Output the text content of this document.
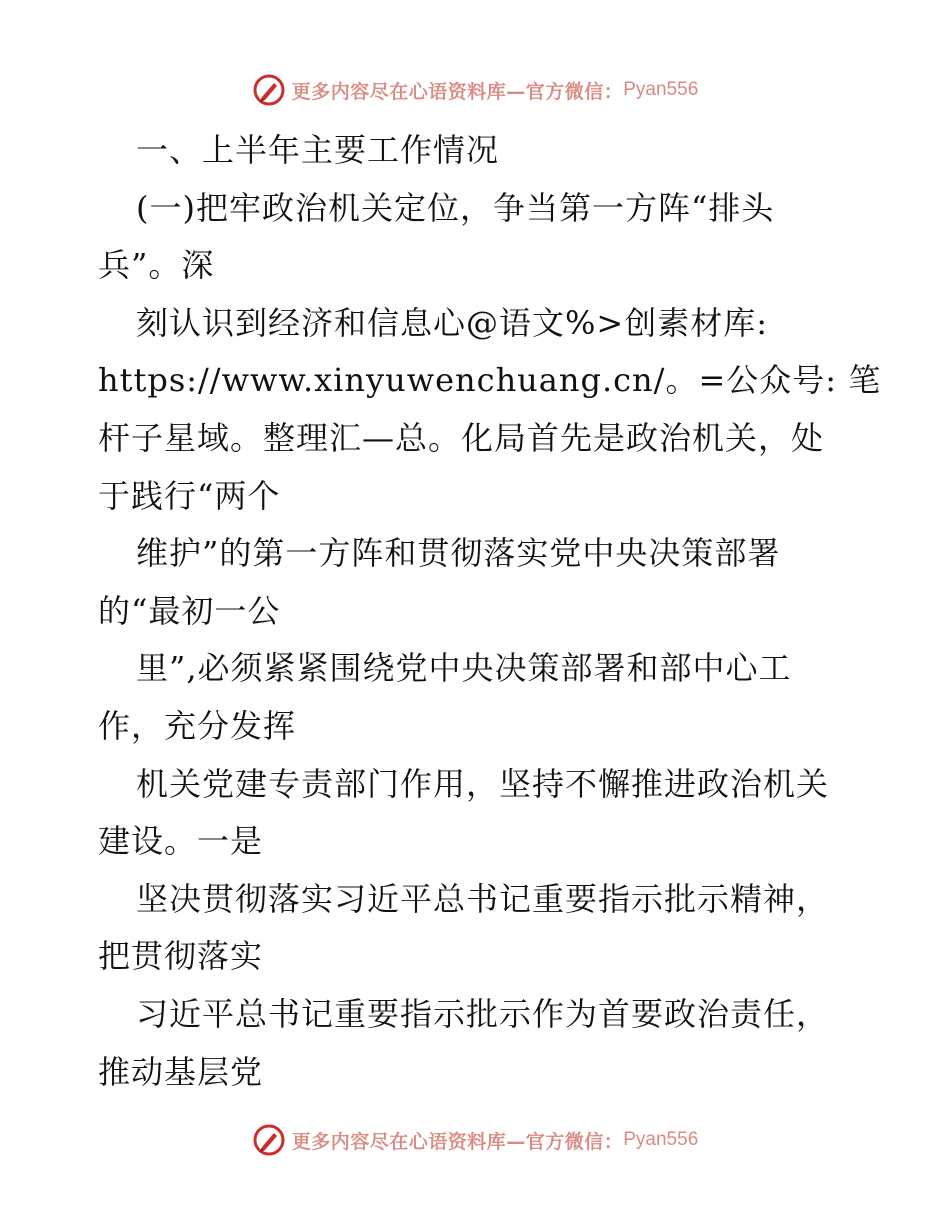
更多内容尽在心语资料库—官方微信： Pyan556
一、上半年主要工作情况
(一)把牢政治机关定位，争当第一方阵“排头
兵”。深
刻认识到经济和信息心@语文%>创素材库:
https://www.xinyuwenchuang.cn/。=公众号: 笔
杆子星域。整理汇—总。化局首先是政治机关，处
于践行“两个
维护”的第一方阵和贯彻落实党中央决策部署
的“最初一公
里”,必须紧紧围绕党中央决策部署和部中心工
作，充分发挥
机关党建专责部门作用，坚持不懈推进政治机关
建设。一是
坚决贯彻落实习近平总书记重要指示批示精神，
把贯彻落实
习近平总书记重要指示批示作为首要政治责任，
推动基层党
更多内容尽在心语资料库—官方微信： Pyan556
